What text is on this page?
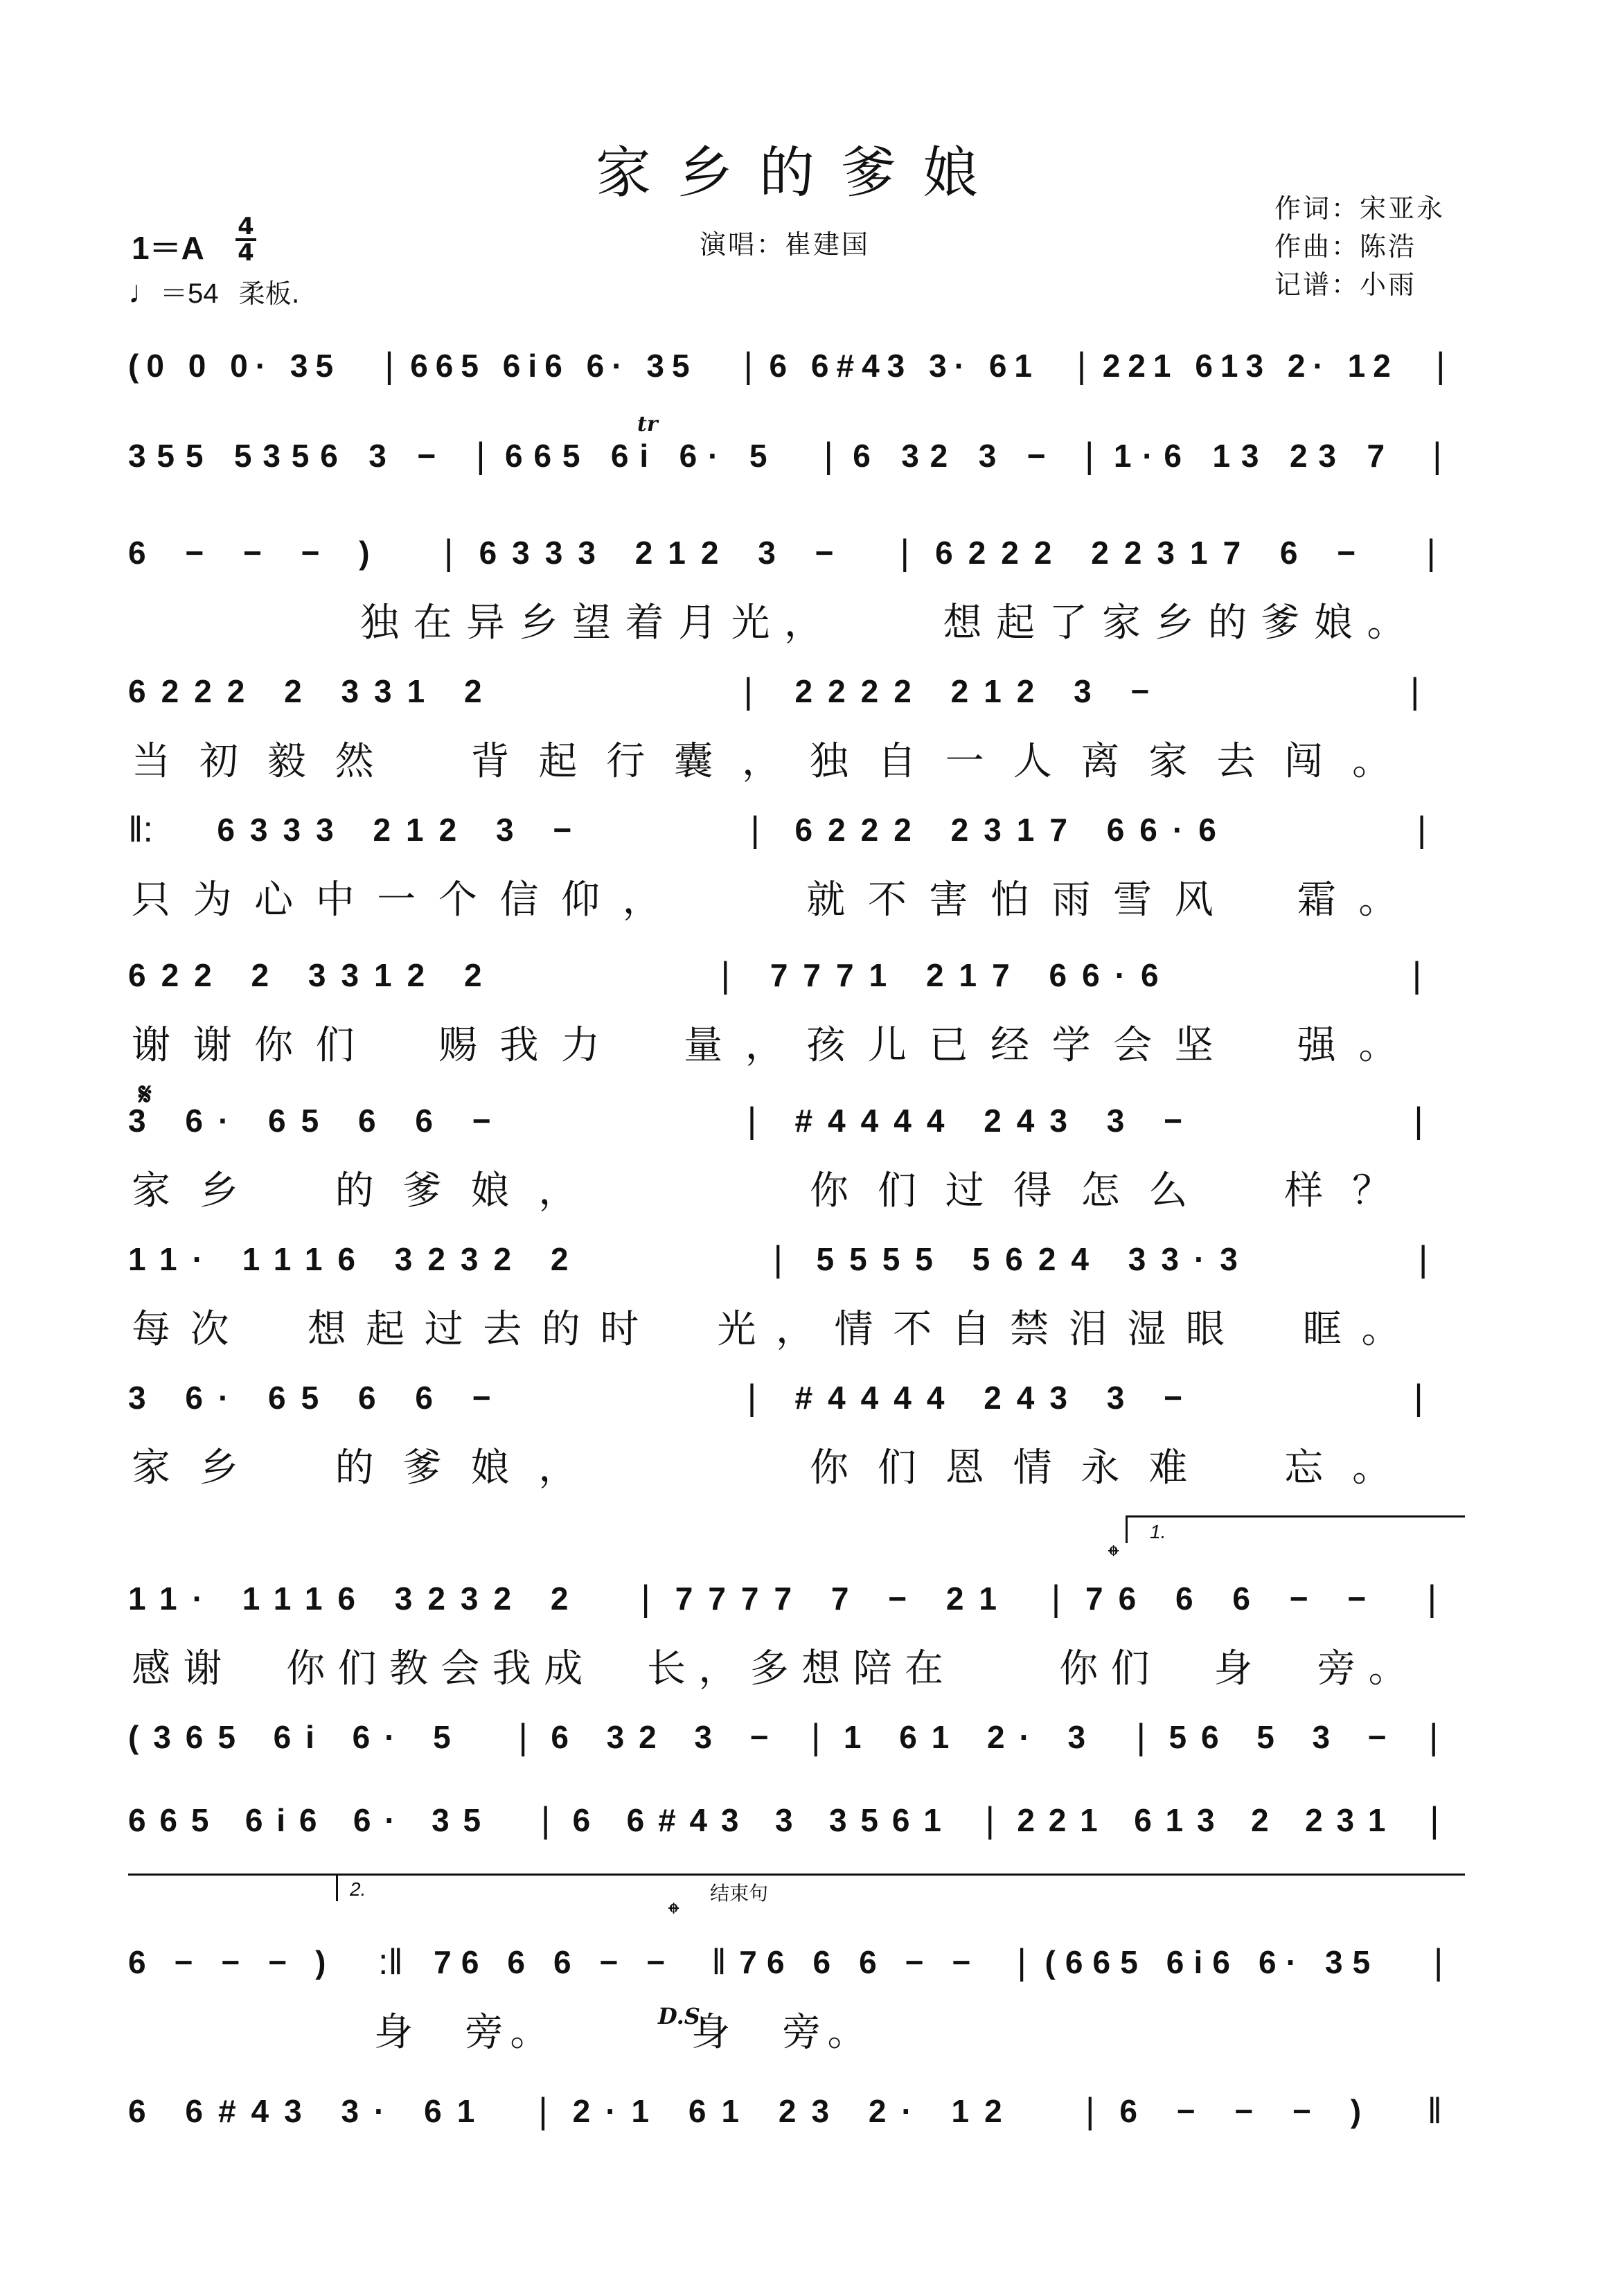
家乡的爹娘
1＝A
4
4
♩＝54 柔板.
演唱：崔建国
作词：宋亚永
作曲：陈浩
记谱：小雨
𝄋
tr
1.
𝄌
2.	结束句
𝄌
D.S.
(0 0 0· 35	| 665 6i6 6· 35	| 6 6#43 3· 61	| 221 613 2· 12	|
355 5356 3 − | 665 6i 6· 5	| 6 32 3 − | 1·6 13 23 7	|
6 − − − )	| 6333 212 3 −	| 6222 22317 6 −	|
独 在 异 乡 望 着 月 光 ，	想 起 了 家 乡 的 爹 娘 。
6222 2 331 2	| 2222 212 3 −	|
当 初 毅 然 背 起 行 囊 ， 独 自 一 人 离 家 去 闯 。
‖: 6333 212 3 −	| 6222 2317 66·6	|
只 为 心 中 一 个 信 仰 ，	就 不 害 怕 雨 雪 风 霜 。
622 2 3312 2	| 7771 217 66·6	|
谢 谢 你 们 赐 我 力 量 ， 孩 儿 已 经 学 会 坚 强 。
3 6· 65 6 6 −	| #4444 243 3 −	|
家 乡 的 爹 娘 ，	你 们 过 得 怎 么 样 ？
11· 1116 3232 2	| 5555 5624 33·3	|
每 次 想 起 过 去 的 时 光 ， 情 不 自 禁 泪 湿 眼 眶 。
3 6· 65 6 6 −	| #4444 243 3 −	|
家 乡 的 爹 娘 ，	你 们 恩 情 永 难 忘 。
11· 1116 3232 2	| 7777 7 − 21	| 76 6 6 − −	|
感 谢 你 们 教 会 我 成 长 ， 多 想 陪 在	你 们 身 旁 。
(365 6i 6· 5	| 6 32 3 − | 1 61 2· 3	| 56 5 3 − |
665 6i6 6· 35	| 6 6#43 3 3561 | 221 613 2 231 |
6 − − − )	:‖ 76 6 6 − −	‖ 76 6 6 − −	| (665 6i6 6· 35	|
身 旁 。	身 旁 。
6 6#43 3· 61	| 2·1 61 23 2· 12	| 6 − − − )	‖
